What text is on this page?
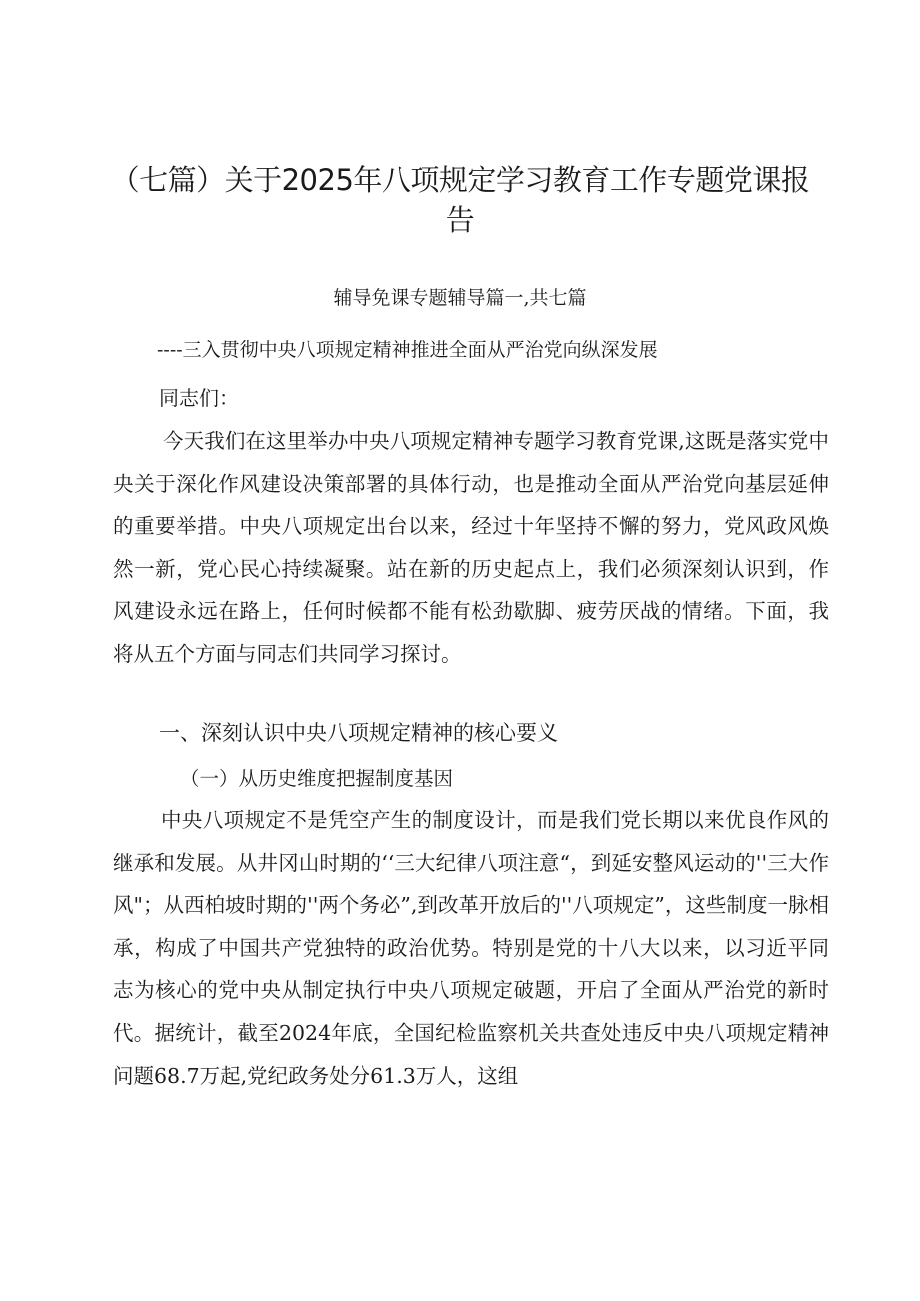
（七篇）关于2025年八项规定学习教育工作专题党课报告
辅导免课专题辅导篇一,共七篇
----三入贯彻中央八项规定精神推进全面从严治党向纵深发展
同志们：
今天我们在这里举办中央八项规定精神专题学习教育党课,这既是落实党中央关于深化作风建设决策部署的具体行动，也是推动全面从严治党向基层延伸的重要举措。中央八项规定出台以来，经过十年坚持不懈的努力，党风政风焕然一新，党心民心持续凝聚。站在新的历史起点上，我们必须深刻认识到，作风建设永远在路上，任何时候都不能有松劲歇脚、疲劳厌战的情绪。下面，我将从五个方面与同志们共同学习探讨。
一、深刻认识中央八项规定精神的核心要义
（一）从历史维度把握制度基因
中央八项规定不是凭空产生的制度设计，而是我们党长期以来优良作风的继承和发展。从井冈山时期的‘‘三大纪律八项注意“，到延安整风运动的''三大作风"；从西柏坡时期的''两个务必”,到改革开放后的''八项规定”，这些制度一脉相承，构成了中国共产党独特的政治优势。特别是党的十八大以来，以习近平同志为核心的党中央从制定执行中央八项规定破题，开启了全面从严治党的新时代。据统计，截至2024年底，全国纪检监察机关共查处违反中央八项规定精神问题68.7万起,党纪政务处分61.3万人，这组
